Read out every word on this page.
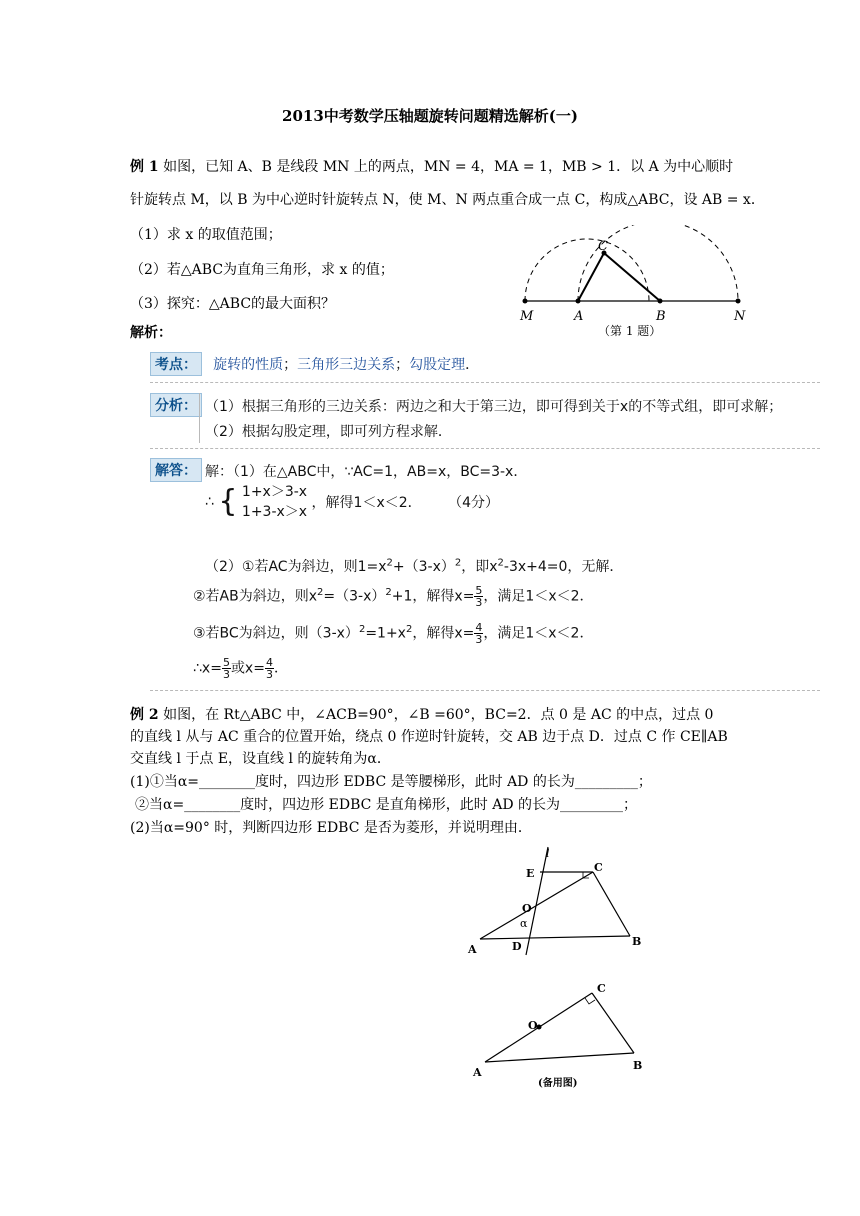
2013中考数学压轴题旋转问题精选解析(一)
例 1 如图，已知 A、B 是线段 MN 上的两点，MN = 4，MA = 1，MB > 1．以 A 为中心顺时
针旋转点 M，以 B 为中心逆时针旋转点 N，使 M、N 两点重合成一点 C，构成△ABC，设 AB = x．
（1）求 x 的取值范围；
（2）若△ABC为直角三角形，求 x 的值；
（3）探究：△ABC的最大面积？
M	A	B	N
C
（第 1 题）
解析：
考点： 旋转的性质；三角形三边关系；勾股定理．
分析： （1）根据三角形的三边关系：两边之和大于第三边，即可得到关于x的不等式组，即可求解；
（2）根据勾股定理，即可列方程求解．
解答： 解：（1）在△ABC中，∵AC=1，AB=x，BC=3-x．
∴ { 1+x＞3-x
1+3-x＞x
，解得1＜x＜2． （4分）
（2）①若AC为斜边，则$1=x^2+(3-x)^2$，即$x^2-3x+4=0$，无解．
②若AB为斜边，则$x^2=(3-x)^2+1$，解得$x= \frac{5}{3}$ ，满足1＜x＜2．
③若BC为斜边，则$(3-x)^2=1+x^2$，解得$x= \frac{4}{3}$ ，满足1＜x＜2．
∴x= $\frac{5}{3}$ 或$x= \frac{4}{3}$ ．
例 2 如图，在 Rt△ABC 中，∠ACB=90°，∠B =60°，BC=2．点 0 是 AC 的中点，过点 0
的直线 l 从与 AC 重合的位置开始，绕点 0 作逆时针旋转，交 AB 边于点 D．过点 C 作 CE∥AB
交直线 l 于点 E，设直线 l 的旋转角为α．
(1)①当α=________度时，四边形 EDBC 是等腰梯形，此时 AD 的长为_________；
②当α=________度时，四边形 EDBC 是直角梯形，此时 AD 的长为_________；
(2)当α=90° 时，判断四边形 EDBC 是否为菱形，并说明理由．
l
E	C
O
α
A	D	B
C
O
A
B
(备用图)
